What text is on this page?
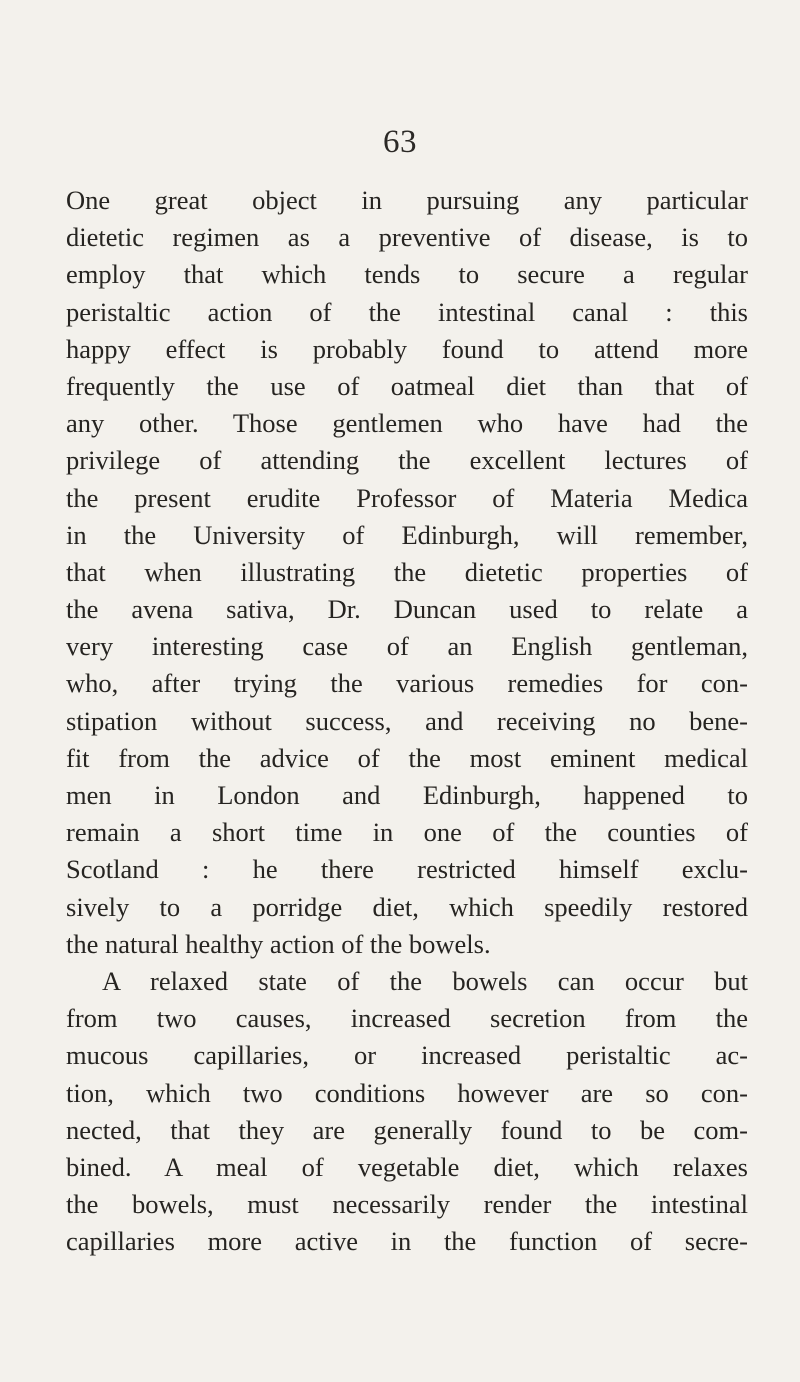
63
One great object in pursuing any particular
dietetic regimen as a preventive of disease, is to
employ that which tends to secure a regular
peristaltic action of the intestinal canal : this
happy effect is probably found to attend more
frequently the use of oatmeal diet than that of
any other. Those gentlemen who have had the
privilege of attending the excellent lectures of
the present erudite Professor of Materia Medica
in the University of Edinburgh, will remember,
that when illustrating the dietetic properties of
the avena sativa, Dr. Duncan used to relate a
very interesting case of an English gentleman,
who, after trying the various remedies for con-
stipation without success, and receiving no bene-
fit from the advice of the most eminent medical
men in London and Edinburgh, happened to
remain a short time in one of the counties of
Scotland : he there restricted himself exclu-
sively to a porridge diet, which speedily restored
the natural healthy action of the bowels.
A relaxed state of the bowels can occur but
from two causes, increased secretion from the
mucous capillaries, or increased peristaltic ac-
tion, which two conditions however are so con-
nected, that they are generally found to be com-
bined. A meal of vegetable diet, which relaxes
the bowels, must necessarily render the intestinal
capillaries more active in the function of secre-
